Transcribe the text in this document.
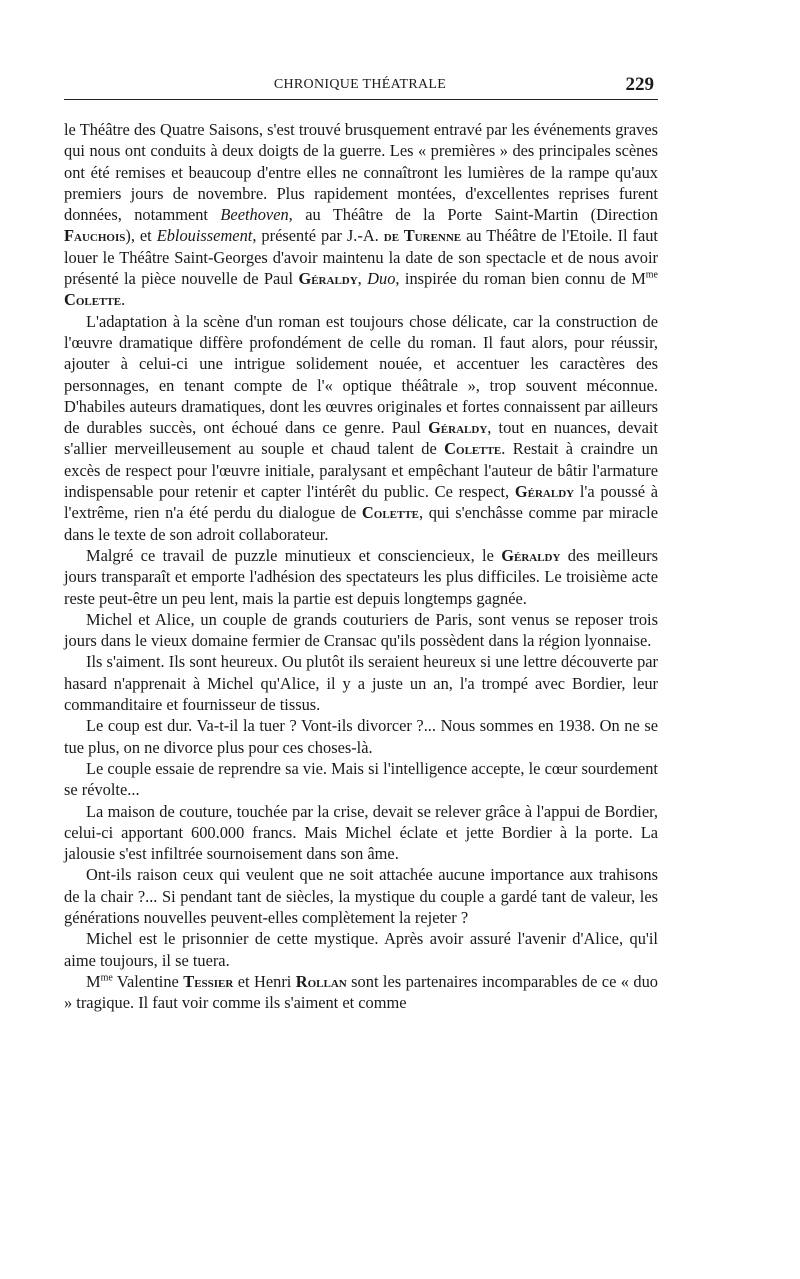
CHRONIQUE THÉATRALE	229

le Théâtre des Quatre Saisons, s'est trouvé brusquement entravé par les événements graves qui nous ont conduits à deux doigts de la guerre. Les « premières » des principales scènes ont été remises et beaucoup d'entre elles ne connaîtront les lumières de la rampe qu'aux premiers jours de novembre. Plus rapidement montées, d'excellentes reprises furent données, notamment Beethoven, au Théâtre de la Porte Saint-Martin (Direction Fauchois), et Eblouissement, présenté par J.-A. de Turenne au Théâtre de l'Etoile. Il faut louer le Théâtre Saint-Georges d'avoir maintenu la date de son spectacle et de nous avoir présenté la pièce nouvelle de Paul Géraldy, Duo, inspirée du roman bien connu de $M^{me}$ Colette.

L'adaptation à la scène d'un roman est toujours chose délicate, car la construction de l'œuvre dramatique diffère profondément de celle du roman. Il faut alors, pour réussir, ajouter à celui-ci une intrigue solidement nouée, et accentuer les caractères des personnages, en tenant compte de l'« optique théâtrale », trop souvent méconnue. D'habiles auteurs dramatiques, dont les œuvres originales et fortes connaissent par ailleurs de durables succès, ont échoué dans ce genre. Paul Géraldy, tout en nuances, devait s'allier merveilleusement au souple et chaud talent de Colette. Restait à craindre un excès de respect pour l'œuvre initiale, paralysant et empêchant l'auteur de bâtir l'armature indispensable pour retenir et capter l'intérêt du public. Ce respect, Géraldy l'a poussé à l'extrême, rien n'a été perdu du dialogue de Colette, qui s'enchâsse comme par miracle dans le texte de son adroit collaborateur.

Malgré ce travail de puzzle minutieux et consciencieux, le Géraldy des meilleurs jours transparaît et emporte l'adhésion des spectateurs les plus difficiles. Le troisième acte reste peut-être un peu lent, mais la partie est depuis longtemps gagnée.

Michel et Alice, un couple de grands couturiers de Paris, sont venus se reposer trois jours dans le vieux domaine fermier de Cransac qu'ils possèdent dans la région lyonnaise.

Ils s'aiment. Ils sont heureux. Ou plutôt ils seraient heureux si une lettre découverte par hasard n'apprenait à Michel qu'Alice, il y a juste un an, l'a trompé avec Bordier, leur commanditaire et fournisseur de tissus.

Le coup est dur. Va-t-il la tuer ? Vont-ils divorcer ?... Nous sommes en 1938. On ne se tue plus, on ne divorce plus pour ces choses-là.

Le couple essaie de reprendre sa vie. Mais si l'intelligence accepte, le cœur sourdement se révolte...

La maison de couture, touchée par la crise, devait se relever grâce à l'appui de Bordier, celui-ci apportant 600.000 francs. Mais Michel éclate et jette Bordier à la porte. La jalousie s'est infiltrée sournoisement dans son âme.

Ont-ils raison ceux qui veulent que ne soit attachée aucune importance aux trahisons de la chair ?... Si pendant tant de siècles, la mystique du couple a gardé tant de valeur, les générations nouvelles peuvent-elles complètement la rejeter ?

Michel est le prisonnier de cette mystique. Après avoir assuré l'avenir d'Alice, qu'il aime toujours, il se tuera.

$M^{me}$ Valentine Tessier et Henri Rollan sont les partenaires incomparables de ce « duo » tragique. Il faut voir comme ils s'aiment et comme
